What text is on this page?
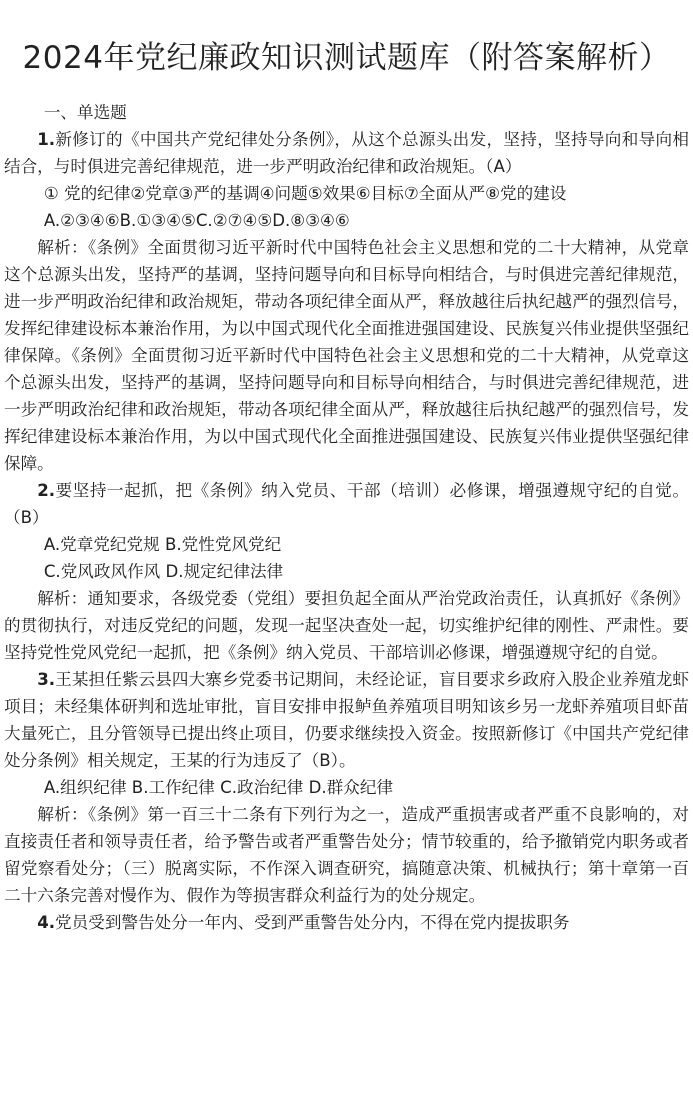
2024年党纪廉政知识测试题库（附答案解析）

一、单选题

1.新修订的《中国共产党纪律处分条例》，从这个总源头出发，坚持，坚持导向和导向相结合，与时俱进完善纪律规范，进一步严明政治纪律和政治规矩。（A）

① 党的纪律②党章③严的基调④问题⑤效果⑥目标⑦全面从严⑧党的建设

A.②③④⑥B.①③④⑤C.②⑦④⑤D.⑧③④⑥

解析：《条例》全面贯彻习近平新时代中国特色社会主义思想和党的二十大精神，从党章这个总源头出发，坚持严的基调，坚持问题导向和目标导向相结合，与时俱进完善纪律规范，进一步严明政治纪律和政治规矩，带动各项纪律全面从严，释放越往后执纪越严的强烈信号，发挥纪律建设标本兼治作用，为以中国式现代化全面推进强国建设、民族复兴伟业提供坚强纪律保障。《条例》全面贯彻习近平新时代中国特色社会主义思想和党的二十大精神，从党章这个总源头出发，坚持严的基调，坚持问题导向和目标导向相结合，与时俱进完善纪律规范，进一步严明政治纪律和政治规矩，带动各项纪律全面从严，释放越往后执纪越严的强烈信号，发挥纪律建设标本兼治作用，为以中国式现代化全面推进强国建设、民族复兴伟业提供坚强纪律保障。

2.要坚持一起抓，把《条例》纳入党员、干部（培训）必修课，增强遵规守纪的自觉。（B）

A.党章党纪党规 B.党性党风党纪

C.党风政风作风 D.规定纪律法律

解析：通知要求，各级党委（党组）要担负起全面从严治党政治责任，认真抓好《条例》的贯彻执行，对违反党纪的问题，发现一起坚决查处一起，切实维护纪律的刚性、严肃性。要坚持党性党风党纪一起抓，把《条例》纳入党员、干部培训必修课，增强遵规守纪的自觉。

3.王某担任紫云县四大寨乡党委书记期间，未经论证，盲目要求乡政府入股企业养殖龙虾项目；未经集体研判和选址审批，盲目安排申报鲈鱼养殖项目明知该乡另一龙虾养殖项目虾苗大量死亡，且分管领导已提出终止项目，仍要求继续投入资金。按照新修订《中国共产党纪律处分条例》相关规定，王某的行为违反了（B）。

A.组织纪律 B.工作纪律 C.政治纪律 D.群众纪律

解析：《条例》第一百三十二条有下列行为之一，造成严重损害或者严重不良影响的，对直接责任者和领导责任者，给予警告或者严重警告处分；情节较重的，给予撤销党内职务或者留党察看处分；（三）脱离实际，不作深入调查研究，搞随意决策、机械执行；第十章第一百二十六条完善对慢作为、假作为等损害群众利益行为的处分规定。

4.党员受到警告处分一年内、受到严重警告处分内，不得在党内提拔职务
